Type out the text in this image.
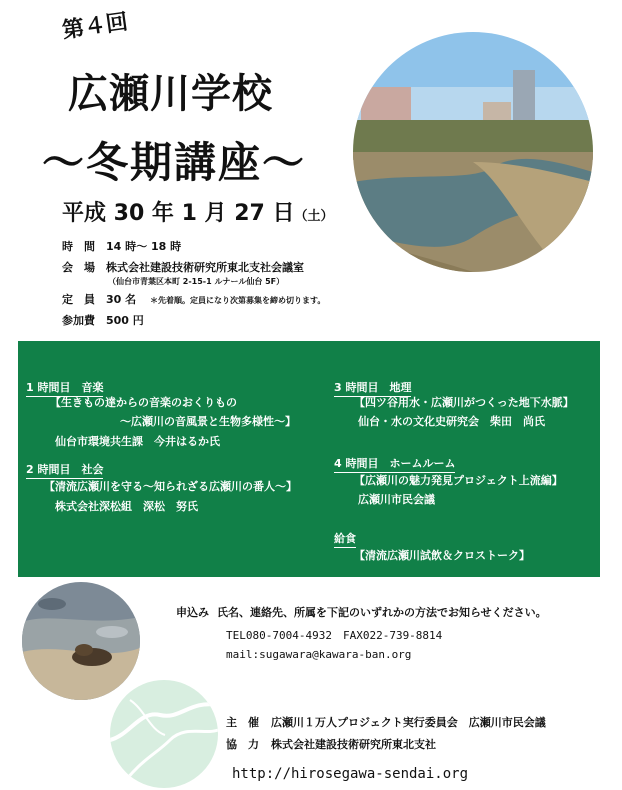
第４回
広瀬川学校
〜冬期講座〜
平成 30 年 1 月 27 日（土）
時　間 14 時〜 18 時
会　場 株式会社建設技術研究所東北支社会議室
（仙台市青葉区本町 2-15-1 ルナール仙台 5F）
定　員 30 名 ＊先着順。定員になり次第募集を締め切ります。
参加費 500 円
1 時間目　音楽
【生きもの達からの音楽のおくりもの
〜広瀬川の音風景と生物多様性〜】
仙台市環境共生課　今井はるか氏
2 時間目　社会
【清流広瀬川を守る〜知られざる広瀬川の番人〜】
株式会社深松組　深松　努氏
3 時間目　地理
【四ツ谷用水・広瀬川がつくった地下水脈】
仙台・水の文化史研究会　柴田　尚氏
4 時間目　ホームルーム
【広瀬川の魅力発見プロジェクト上流編】
広瀬川市民会議
給食
【清流広瀬川試飲＆クロストーク】
申込み 氏名、連絡先、所属を下記のいずれかの方法でお知らせください。
TEL080-7004-4932　FAX022-739-8814
mail:sugawara@kawara-ban.org
主　催 広瀬川１万人プロジェクト実行委員会　広瀬川市民会議
協　力 株式会社建設技術研究所東北支社
http://hirosegawa-sendai.org
